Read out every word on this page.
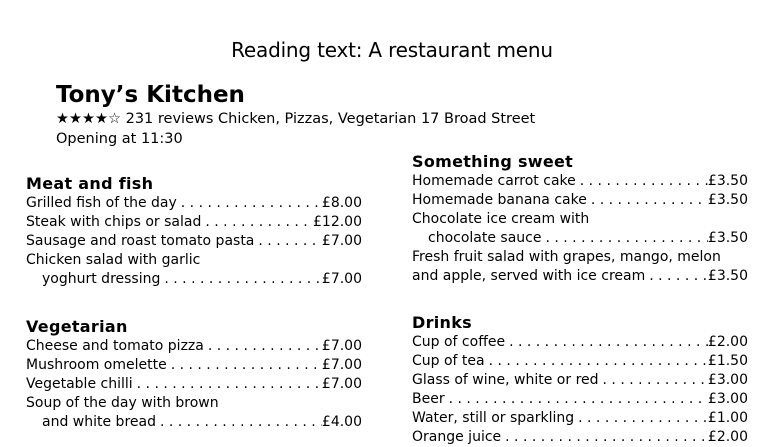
Reading text: A restaurant menu
Tony’s Kitchen
★★★★☆ 231 reviews Chicken, Pizzas, Vegetarian 17 Broad Street
Opening at 11:30
Meat and fish
Grilled fish of the day . . .	£8.00
Steak with chips or salad . . .	£12.00
Sausage and roast tomato pasta . . .	£7.00
Chicken salad with garlic
yoghurt dressing . . .	£7.00
Vegetarian
Cheese and tomato pizza . . .	£7.00
Mushroom omelette . . .	£7.00
Vegetable chilli . . .	£7.00
Soup of the day with brown
and white bread . . .	£4.00
Something sweet
Homemade carrot cake . . .	£3.50
Homemade banana cake . . .	£3.50
Chocolate ice cream with
chocolate sauce . . .	£3.50
Fresh fruit salad with grapes, mango, melon
and apple, served with ice cream . . .	£3.50
Drinks
Cup of coffee . . .	£2.00
Cup of tea . . .	£1.50
Glass of wine, white or red . . .	£3.00
Beer . . .	£3.00
Water, still or sparkling . . .	£1.00
Orange juice . . .	£2.00
